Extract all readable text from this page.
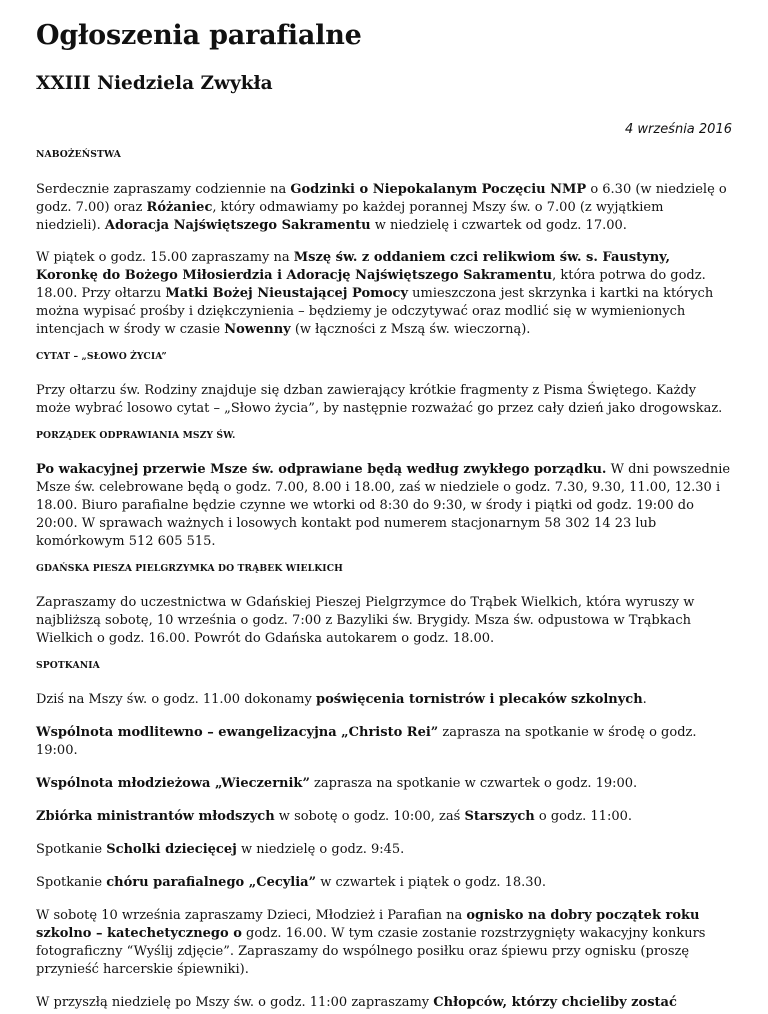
Ogłoszenia parafialne
XXIII Niedziela Zwykła
4 września 2016
NABOŻEŃSTWA

Serdecznie zapraszamy codziennie na Godzinki o Niepokalanym Poczęciu NMP o 6.30 (w niedzielę o godz. 7.00) oraz Różaniec, który odmawiamy po każdej porannej Mszy św. o 7.00 (z wyjątkiem niedzieli). Adoracja Najświętszego Sakramentu w niedzielę i czwartek od godz. 17.00.

W piątek o godz. 15.00 zapraszamy na Mszę św. z oddaniem czci relikwiom św. s. Faustyny, Koronkę do Bożego Miłosierdzia i Adorację Najświętszego Sakramentu, która potrwa do godz. 18.00. Przy ołtarzu Matki Bożej Nieustającej Pomocy umieszczona jest skrzynka i kartki na których można wypisać prośby i dziękczynienia – będziemy je odczytywać oraz modlić się w wymienionych intencjach w środy w czasie Nowenny (w łączności z Mszą św. wieczorną).

CYTAT – „SŁOWO ŻYCIA”

Przy ołtarzu św. Rodziny znajduje się dzban zawierający krótkie fragmenty z Pisma Świętego. Każdy może wybrać losowo cytat – „Słowo życia”, by następnie rozważać go przez cały dzień jako drogowskaz.

PORZĄDEK ODPRAWIANIA MSZY ŚW.

Po wakacyjnej przerwie Msze św. odprawiane będą według zwykłego porządku. W dni powszednie Msze św. celebrowane będą o godz. 7.00, 8.00 i 18.00, zaś w niedziele o godz. 7.30, 9.30, 11.00, 12.30 i 18.00. Biuro parafialne będzie czynne we wtorki od 8:30 do 9:30, w środy i piątki od godz. 19:00 do 20:00. W sprawach ważnych i losowych kontakt pod numerem stacjonarnym 58 302 14 23 lub komórkowym 512 605 515.

GDAŃSKA PIESZA PIELGRZYMKA DO TRĄBEK WIELKICH

Zapraszamy do uczestnictwa w Gdańskiej Pieszej Pielgrzymce do Trąbek Wielkich, która wyruszy w najbliższą sobotę, 10 września o godz. 7:00 z Bazyliki św. Brygidy. Msza św. odpustowa w Trąbkach Wielkich o godz. 16.00. Powrót do Gdańska autokarem o godz. 18.00.

SPOTKANIA

Dziś na Mszy św. o godz. 11.00 dokonamy poświęcenia tornistrów i plecaków szkolnych.

Wspólnota modlitewno – ewangelizacyjna „Christo Rei” zaprasza na spotkanie w środę o godz. 19:00.

Wspólnota młodzieżowa „Wieczernik” zaprasza na spotkanie w czwartek o godz. 19:00.

Zbiórka ministrantów młodszych w sobotę o godz. 10:00, zaś Starszych o godz. 11:00.

Spotkanie Scholki dziecięcej w niedzielę o godz. 9:45.

Spotkanie chóru parafialnego „Cecylia” w czwartek i piątek o godz. 18.30.

W sobotę 10 września zapraszamy Dzieci, Młodzież i Parafian na ognisko na dobry początek roku szkolno – katechetycznego o godz. 16.00. W tym czasie zostanie rozstrzygnięty wakacyjny konkurs fotograficzny “Wyślij zdjęcie”. Zapraszamy do wspólnego posiłku oraz śpiewu przy ognisku (proszę przynieść harcerskie śpiewniki).

W przyszłą niedzielę po Mszy św. o godz. 11:00 zapraszamy Chłopców, którzy chcieliby zostać
